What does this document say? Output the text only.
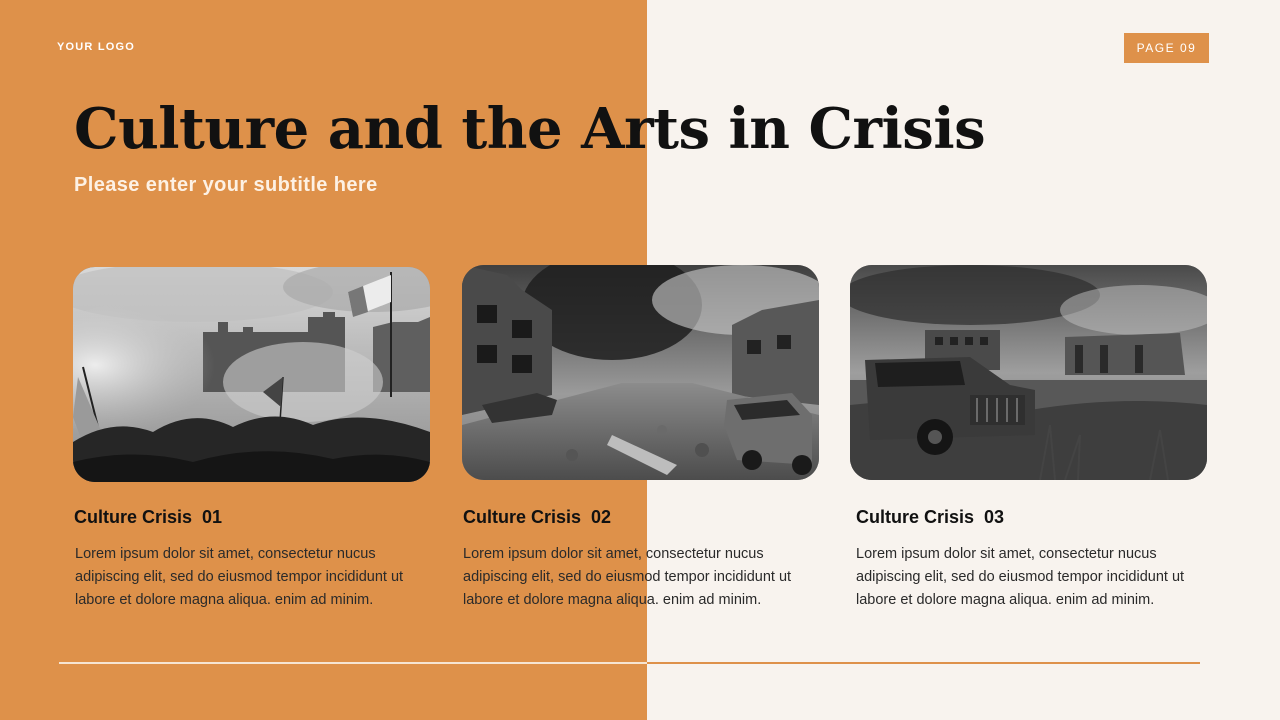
YOUR LOGO	PAGE 09
Culture and the Arts in Crisis
Please enter your subtitle here
Culture Crisis  01
Lorem ipsum dolor sit amet, consectetur nucus adipiscing elit, sed do eiusmod tempor incididunt ut labore et dolore magna aliqua. enim ad minim.
Culture Crisis  02
Lorem ipsum dolor sit amet, consectetur nucus adipiscing elit, sed do eiusmod tempor incididunt ut labore et dolore magna aliqua. enim ad minim.
Culture Crisis  03
Lorem ipsum dolor sit amet, consectetur nucus adipiscing elit, sed do eiusmod tempor incididunt ut labore et dolore magna aliqua. enim ad minim.
